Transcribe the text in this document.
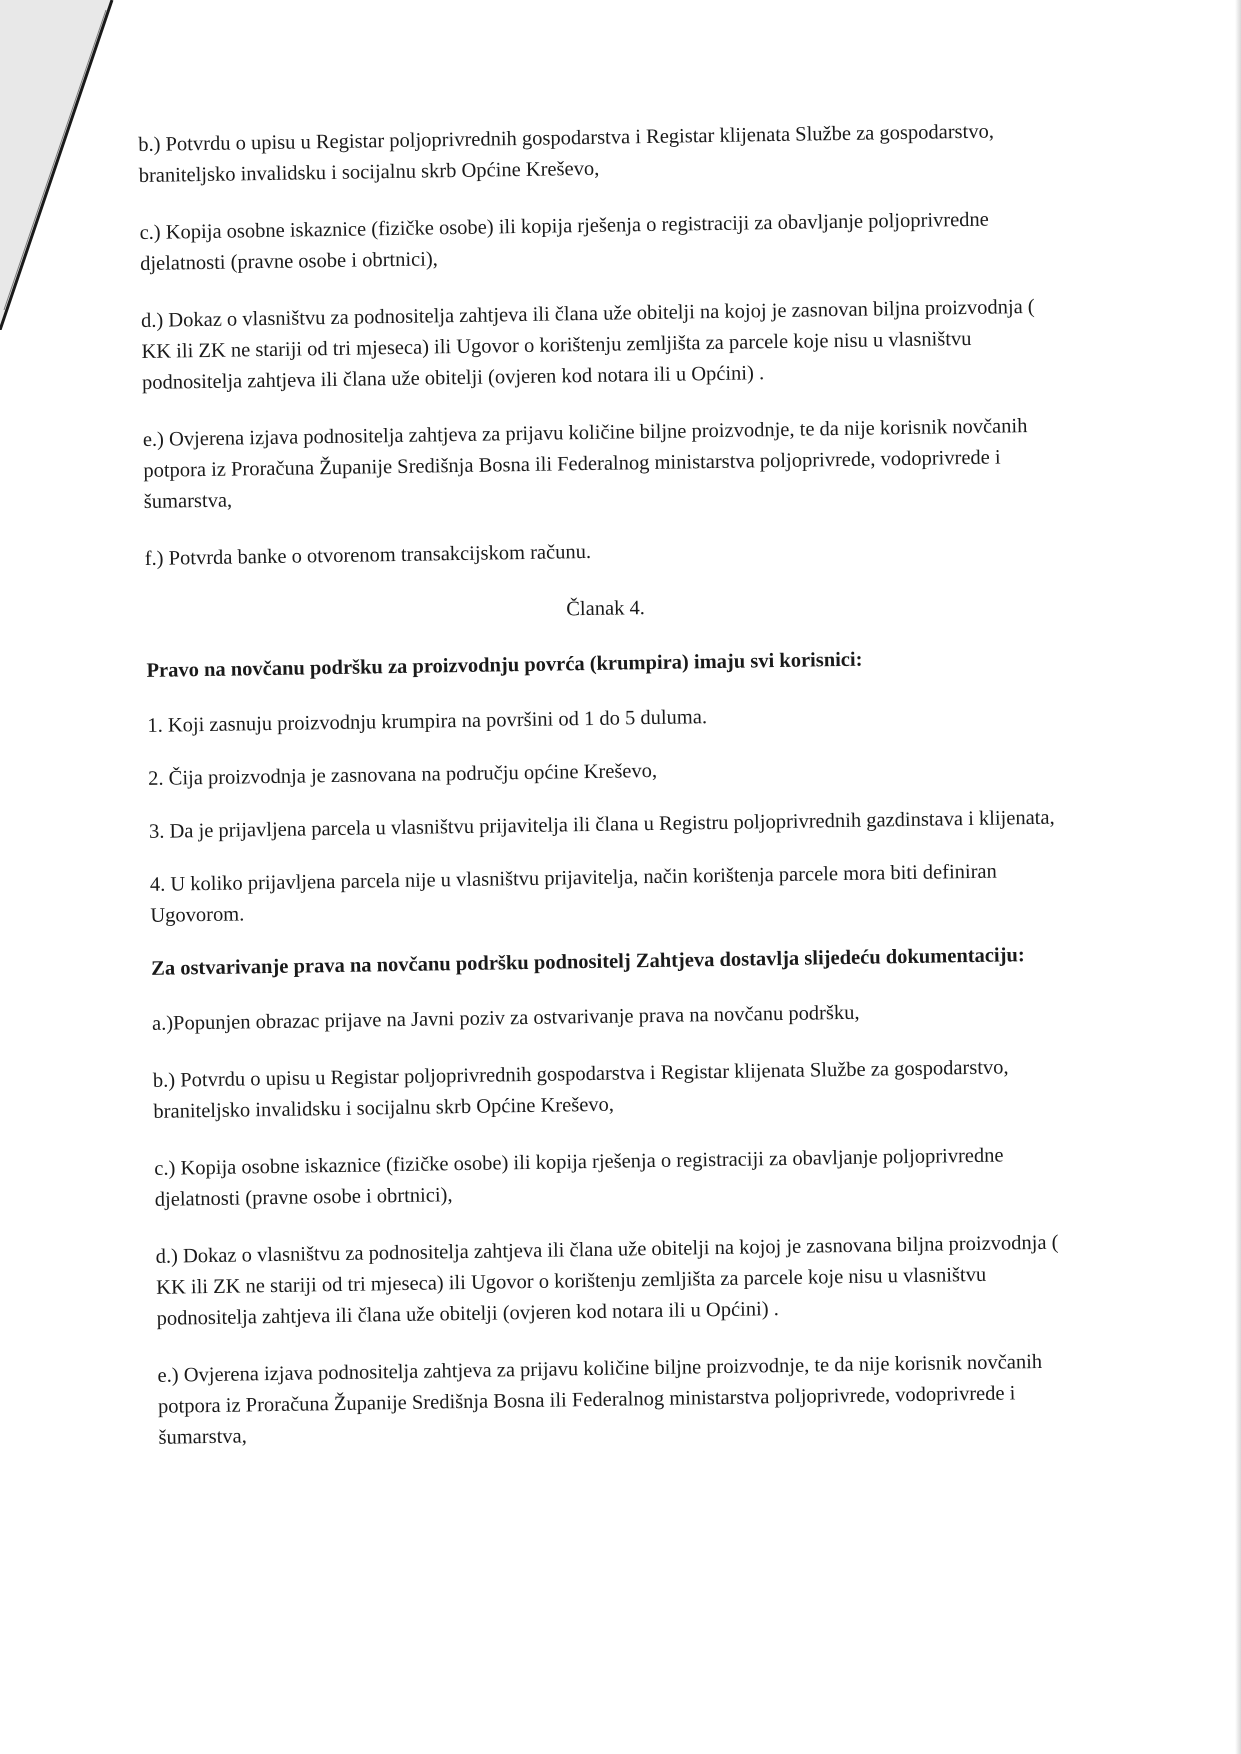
b.) Potvrdu o upisu u Registar poljoprivrednih gospodarstva i Registar klijenata Službe za gospodarstvo, braniteljsko invalidsku i socijalnu skrb Općine Kreševo,

c.) Kopija osobne iskaznice (fizičke osobe) ili kopija rješenja o registraciji za obavljanje poljoprivredne djelatnosti (pravne osobe i obrtnici),

d.) Dokaz o vlasništvu za podnositelja zahtjeva ili člana uže obitelji na kojoj je zasnovan biljna proizvodnja ( KK ili ZK ne stariji od tri mjeseca) ili Ugovor o korištenju zemljišta za parcele koje nisu u vlasništvu podnositelja zahtjeva ili člana uže obitelji (ovjeren kod notara ili u Općini) .

e.) Ovjerena izjava podnositelja zahtjeva za prijavu količine biljne proizvodnje, te da nije korisnik novčanih potpora iz Proračuna Županije Središnja Bosna ili Federalnog ministarstva poljoprivrede, vodoprivrede i šumarstva,

f.) Potvrda banke o otvorenom transakcijskom računu.

Članak 4.

Pravo na novčanu podršku za proizvodnju povrća (krumpira) imaju svi korisnici:

1. Koji zasnuju proizvodnju krumpira na površini od 1 do 5 duluma.

2. Čija proizvodnja je zasnovana na području općine Kreševo,

3. Da je prijavljena parcela u vlasništvu prijavitelja ili člana u Registru poljoprivrednih gazdinstava i klijenata,

4. U koliko prijavljena parcela nije u vlasništvu prijavitelja, način korištenja parcele mora biti definiran Ugovorom.

Za ostvarivanje prava na novčanu podršku podnositelj Zahtjeva dostavlja slijedeću dokumentaciju:

a.)Popunjen obrazac prijave na Javni poziv za ostvarivanje prava na novčanu podršku,

b.) Potvrdu o upisu u Registar poljoprivrednih gospodarstva i Registar klijenata Službe za gospodarstvo, braniteljsko invalidsku i socijalnu skrb Općine Kreševo,

c.) Kopija osobne iskaznice (fizičke osobe) ili kopija rješenja o registraciji za obavljanje poljoprivredne djelatnosti (pravne osobe i obrtnici),

d.) Dokaz o vlasništvu za podnositelja zahtjeva ili člana uže obitelji na kojoj je zasnovana biljna proizvodnja ( KK ili ZK ne stariji od tri mjeseca) ili Ugovor o korištenju zemljišta za parcele koje nisu u vlasništvu podnositelja zahtjeva ili člana uže obitelji (ovjeren kod notara ili u Općini) .

e.) Ovjerena izjava podnositelja zahtjeva za prijavu količine biljne proizvodnje, te da nije korisnik novčanih potpora iz Proračuna Županije Središnja Bosna ili Federalnog ministarstva poljoprivrede, vodoprivrede i šumarstva,
